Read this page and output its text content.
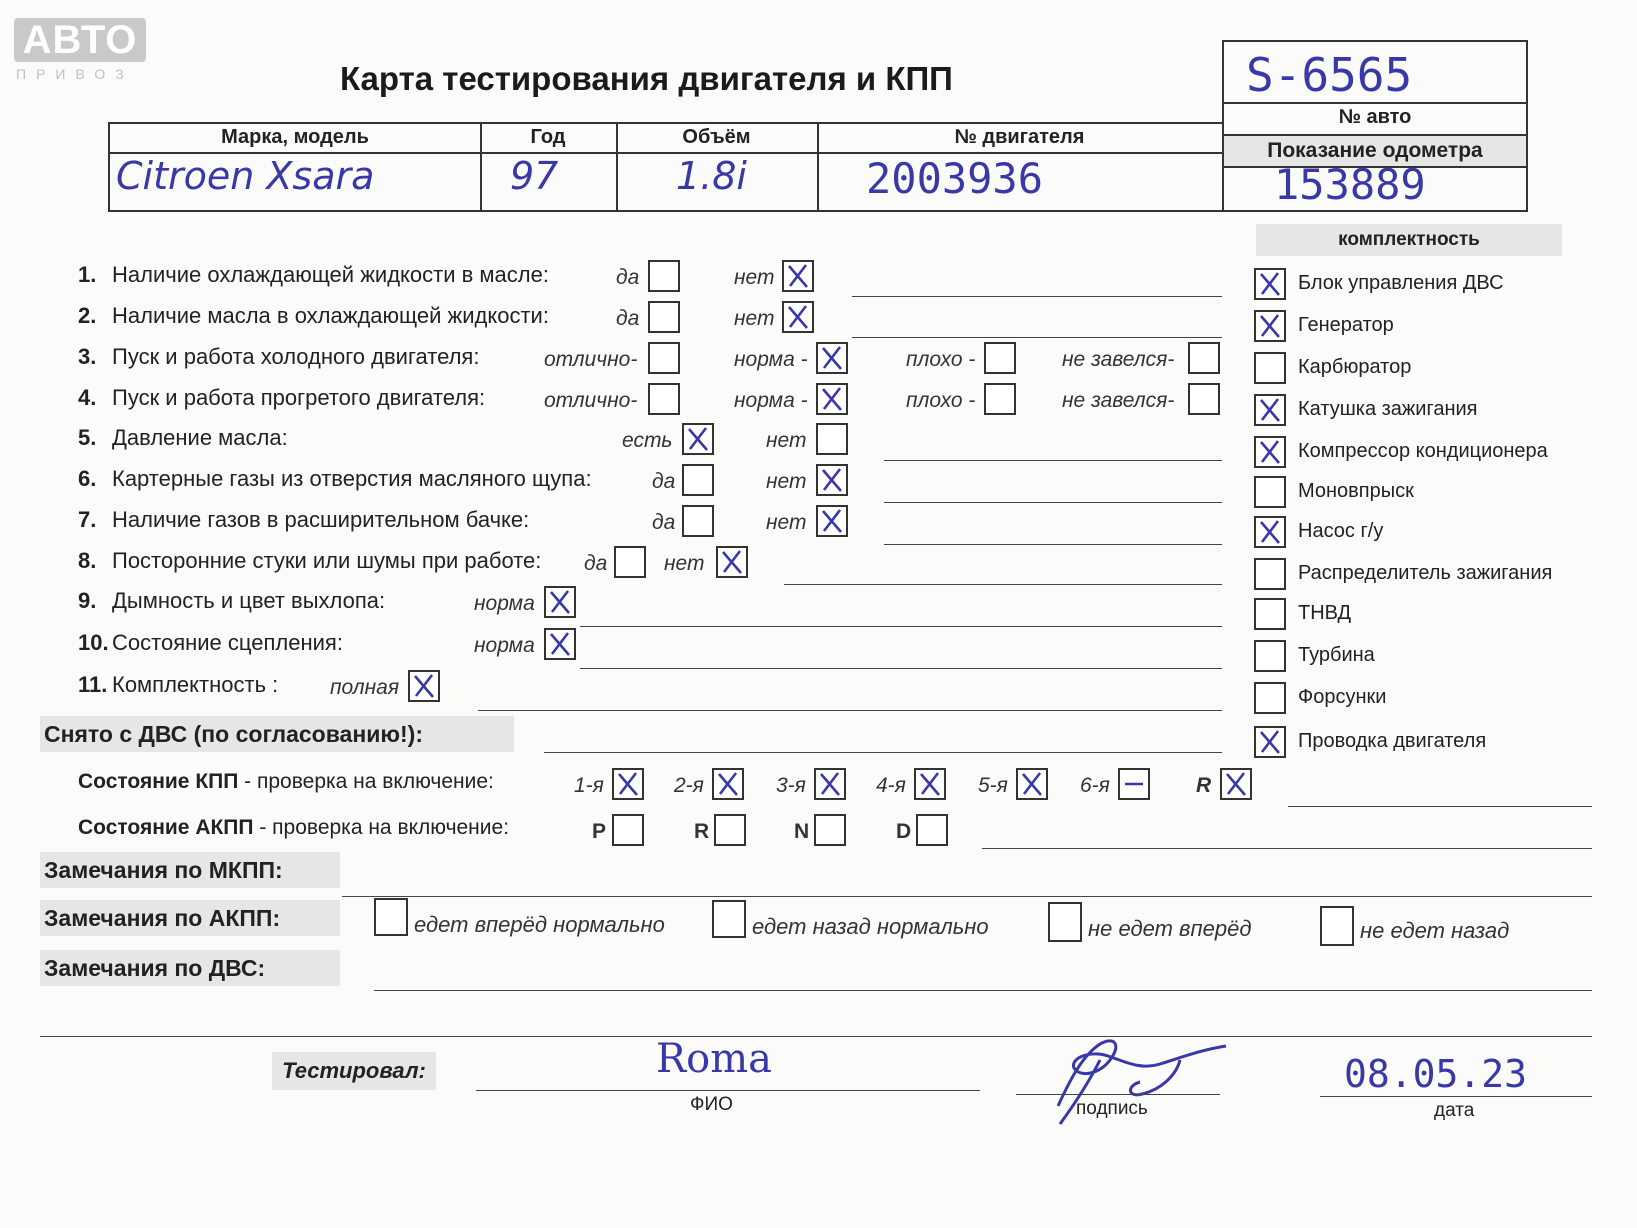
АВТО
ПРИВОЗ	Карта тестирования двигателя и КПП	S-6565
№ авто
Показание одометра
153889
Марка, модель	Год	Объём	№ двигателя
Citroen Xsara	97	1.8i	2003936
1. Наличие охлаждающей жидкости в масле:	да	нет
2. Наличие масла в охлаждающей жидкости:	да	нет
3. Пуск и работа холодного двигателя:	отлично-	норма -	плохо -	не завелся-
4. Пуск и работа прогретого двигателя:	отлично-	норма -	плохо -	не завелся-
5. Давление масла:	есть	нет
6. Картерные газы из отверстия масляного щупа:	да	нет
7. Наличие газов в расширительном бачке:	да	нет
8. Посторонние стуки или шумы при работе: да	нет
9. Дымность и цвет выхлопа:	норма
10. Состояние сцепления:	норма
11. Комплектность : полная
комплектность
Блок управления ДВС
Генератор
Карбюратор
Катушка зажигания
Компрессор кондиционера
Моновпрыск
Насос г/у
Распределитель зажигания
ТНВД
Турбина
Форсунки
Проводка двигателя
Снято с ДВС (по согласованию!):
Состояние КПП - проверка на включение:	1-я	2-я	3-я	4-я	5-я	6-я	R
Состояние АКПП - проверка на включение:	P	R	N	D
Замечания по МКПП:
Замечания по АКПП:	едет вперёд нормально	едет назад нормально	не едет вперёд	не едет назад
Замечания по ДВС:
Тестировал:	Roma
ФИО	подпись
08.05.23
дата
